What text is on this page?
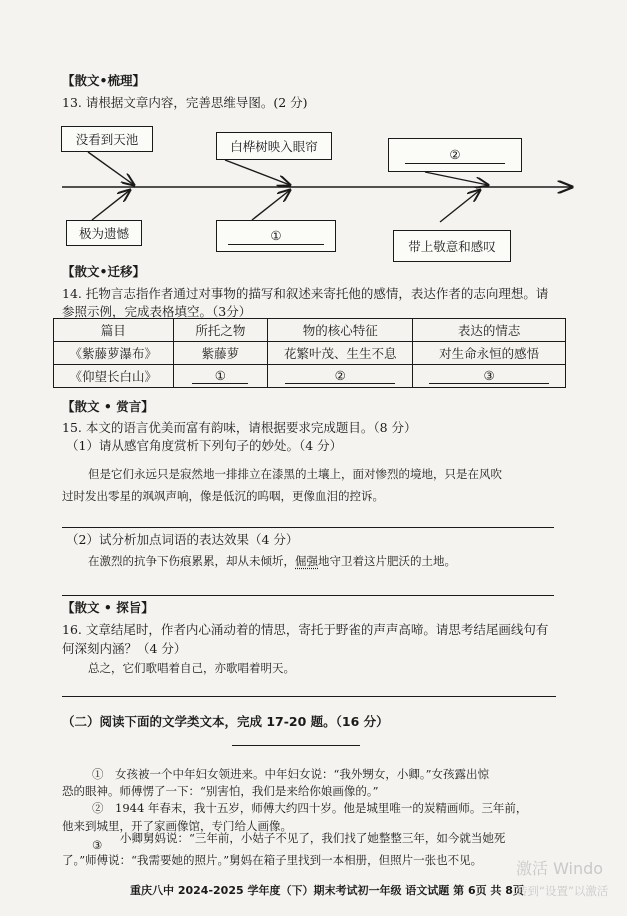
【散文•梳理】
13. 请根据文章内容，完善思维导图。(2 分)
没看到天池	白桦树映入眼帘	②
极为遗憾	①
带上敬意和感叹
【散文•迁移】
14. 托物言志指作者通过对事物的描写和叙述来寄托他的感情，表达作者的志向理想。请
参照示例，完成表格填空。（3分）
篇目	所托之物	物的核心特征	表达的情志
《紫藤萝瀑布》	紫藤萝	花繁叶茂、生生不息	对生命永恒的感悟
《仰望长白山》	①	②	③
【散文 • 赏言】
15. 本文的语言优美而富有韵味，请根据要求完成题目。（8 分）
（1）请从感官角度赏析下列句子的妙处。（4 分）
但是它们永远只是寂然地一排排立在漆黑的土壤上，面对惨烈的境地，只是在风吹
过时发出零星的飒飒声响，像是低沉的呜咽，更像血泪的控诉。
（2）试分析加点词语的表达效果（4 分）
在激烈的抗争下伤痕累累，却从未倾圻，倔强地守卫着这片肥沃的土地。
【散文 • 探旨】
16. 文章结尾时，作者内心涌动着的情思，寄托于野雀的声声高啼。请思考结尾画线句有
何深刻内涵？（4 分）
总之，它们歌唱着自己，亦歌唱着明天。
（二）阅读下面的文学类文本，完成 17-20 题。（16 分）
①　女孩被一个中年妇女领进来。中年妇女说：“我外甥女，小卿。”女孩露出惊
恐的眼神。师傅愣了一下：“别害怕，我们是来给你娘画像的。”
②　1944 年春末，我十五岁，师傅大约四十岁。他是城里唯一的炭精画师。三年前，
他来到城里，开了家画像馆，专门给人画像。
小卿舅妈说：“三年前，小姑子不见了，我们找了她整整三年，如今就当她死
③
了。”师傅说：“我需要她的照片。”舅妈在箱子里找到一本相册，但照片一张也不见。
重庆八中 2024-2025 学年度（下）期末考试初一年级 语文试题 第 6页 共 8页
激活 Windo
转到“设置”以激活
